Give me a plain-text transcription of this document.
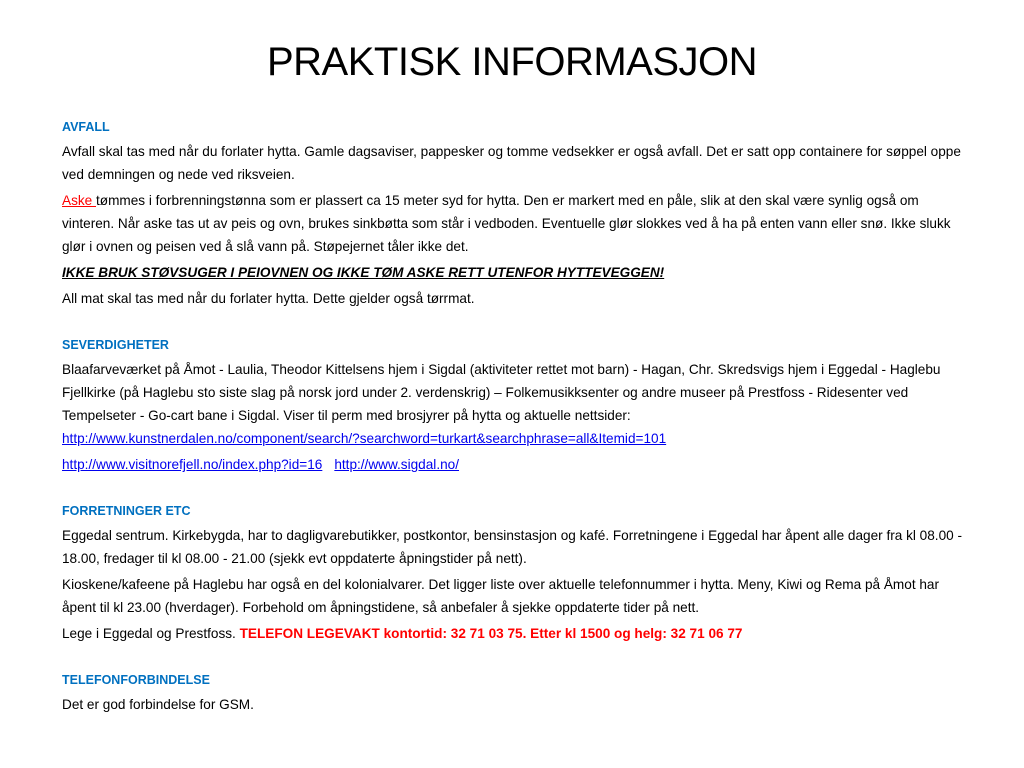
PRAKTISK INFORMASJON
AVFALL

Avfall skal tas med når du forlater hytta. Gamle dagsaviser, pappesker og tomme vedsekker er også avfall. Det er satt opp containere for søppel oppe ved demningen og nede ved riksveien.

Aske tømmes i forbrenningstønna som er plassert ca 15 meter syd for hytta. Den er markert med en påle, slik at den skal være synlig også om vinteren. Når aske tas ut av peis og ovn, brukes sinkbøtta som står i vedboden. Eventuelle glør slokkes ved å ha på enten vann eller snø. Ikke slukk glør i ovnen og peisen ved å slå vann på. Støpejernet tåler ikke det.

IKKE BRUK STØVSUGER I PEIOVNEN OG IKKE TØM ASKE RETT UTENFOR HYTTEVEGGEN!

All mat skal tas med når du forlater hytta. Dette gjelder også tørrmat.

SEVERDIGHETER

Blaafarveværket på Åmot - Laulia, Theodor Kittelsens hjem i Sigdal (aktiviteter rettet mot barn) - Hagan, Chr. Skredsvigs hjem i Eggedal - Haglebu Fjellkirke (på Haglebu sto siste slag på norsk jord under 2. verdenskrig) – Folkemusikksenter og andre museer på Prestfoss - Ridesenter ved Tempelseter - Go-cart bane i Sigdal. Viser til perm med brosjyrer på hytta og aktuelle nettsider:
http://www.kunstnerdalen.no/component/search/?searchword=turkart&searchphrase=all&Itemid=101

http://www.visitnorefjell.no/index.php?id=16 http://www.sigdal.no/

FORRETNINGER ETC

Eggedal sentrum. Kirkebygda, har to dagligvarebutikker, postkontor, bensinstasjon og kafé. Forretningene i Eggedal har åpent alle dager fra kl 08.00 - 18.00, fredager til kl 08.00 - 21.00 (sjekk evt oppdaterte åpningstider på nett).

Kioskene/kafeene på Haglebu har også en del kolonialvarer. Det ligger liste over aktuelle telefonnummer i hytta. Meny, Kiwi og Rema på Åmot har åpent til kl 23.00 (hverdager). Forbehold om åpningstidene, så anbefaler å sjekke oppdaterte tider på nett.

Lege i Eggedal og Prestfoss. TELEFON LEGEVAKT kontortid: 32 71 03 75. Etter kl 1500 og helg: 32 71 06 77

TELEFONFORBINDELSE

Det er god forbindelse for GSM.
